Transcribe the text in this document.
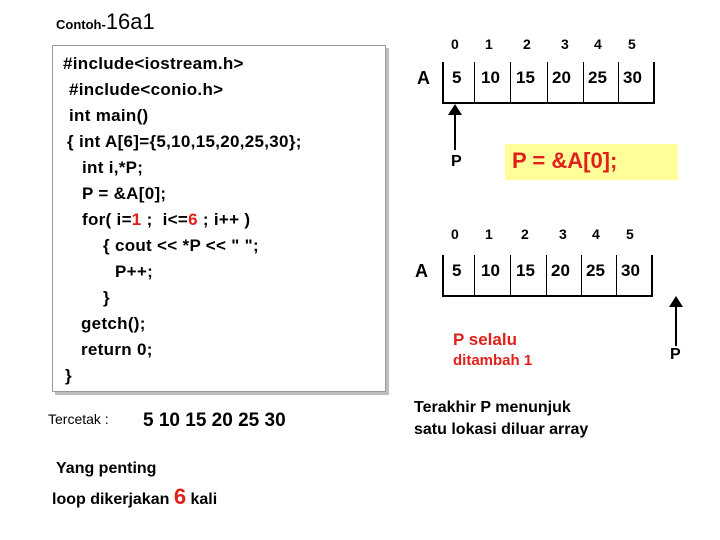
Contoh-16a1
#include<iostream.h>
#include<conio.h>
int main()
{ int A[6]={5,10,15,20,25,30};
int i,*P;
P = &A[0];
for( i=1 ;  i<=6 ; i++ )
{ cout << *P << " ";
P++;
}
getch();
return 0;
}
Tercetak : 5 10 15 20 25 30
Yang penting
loop dikerjakan 6 kali
0 1 2 3 4 5
A 5 10 15 20 25 30
P P = &A[0];
0 1 2 3 4 5
A 5 10 15 20 25 30
P selalu
ditambah 1	P
Terakhir P menunjuk
satu lokasi diluar array
